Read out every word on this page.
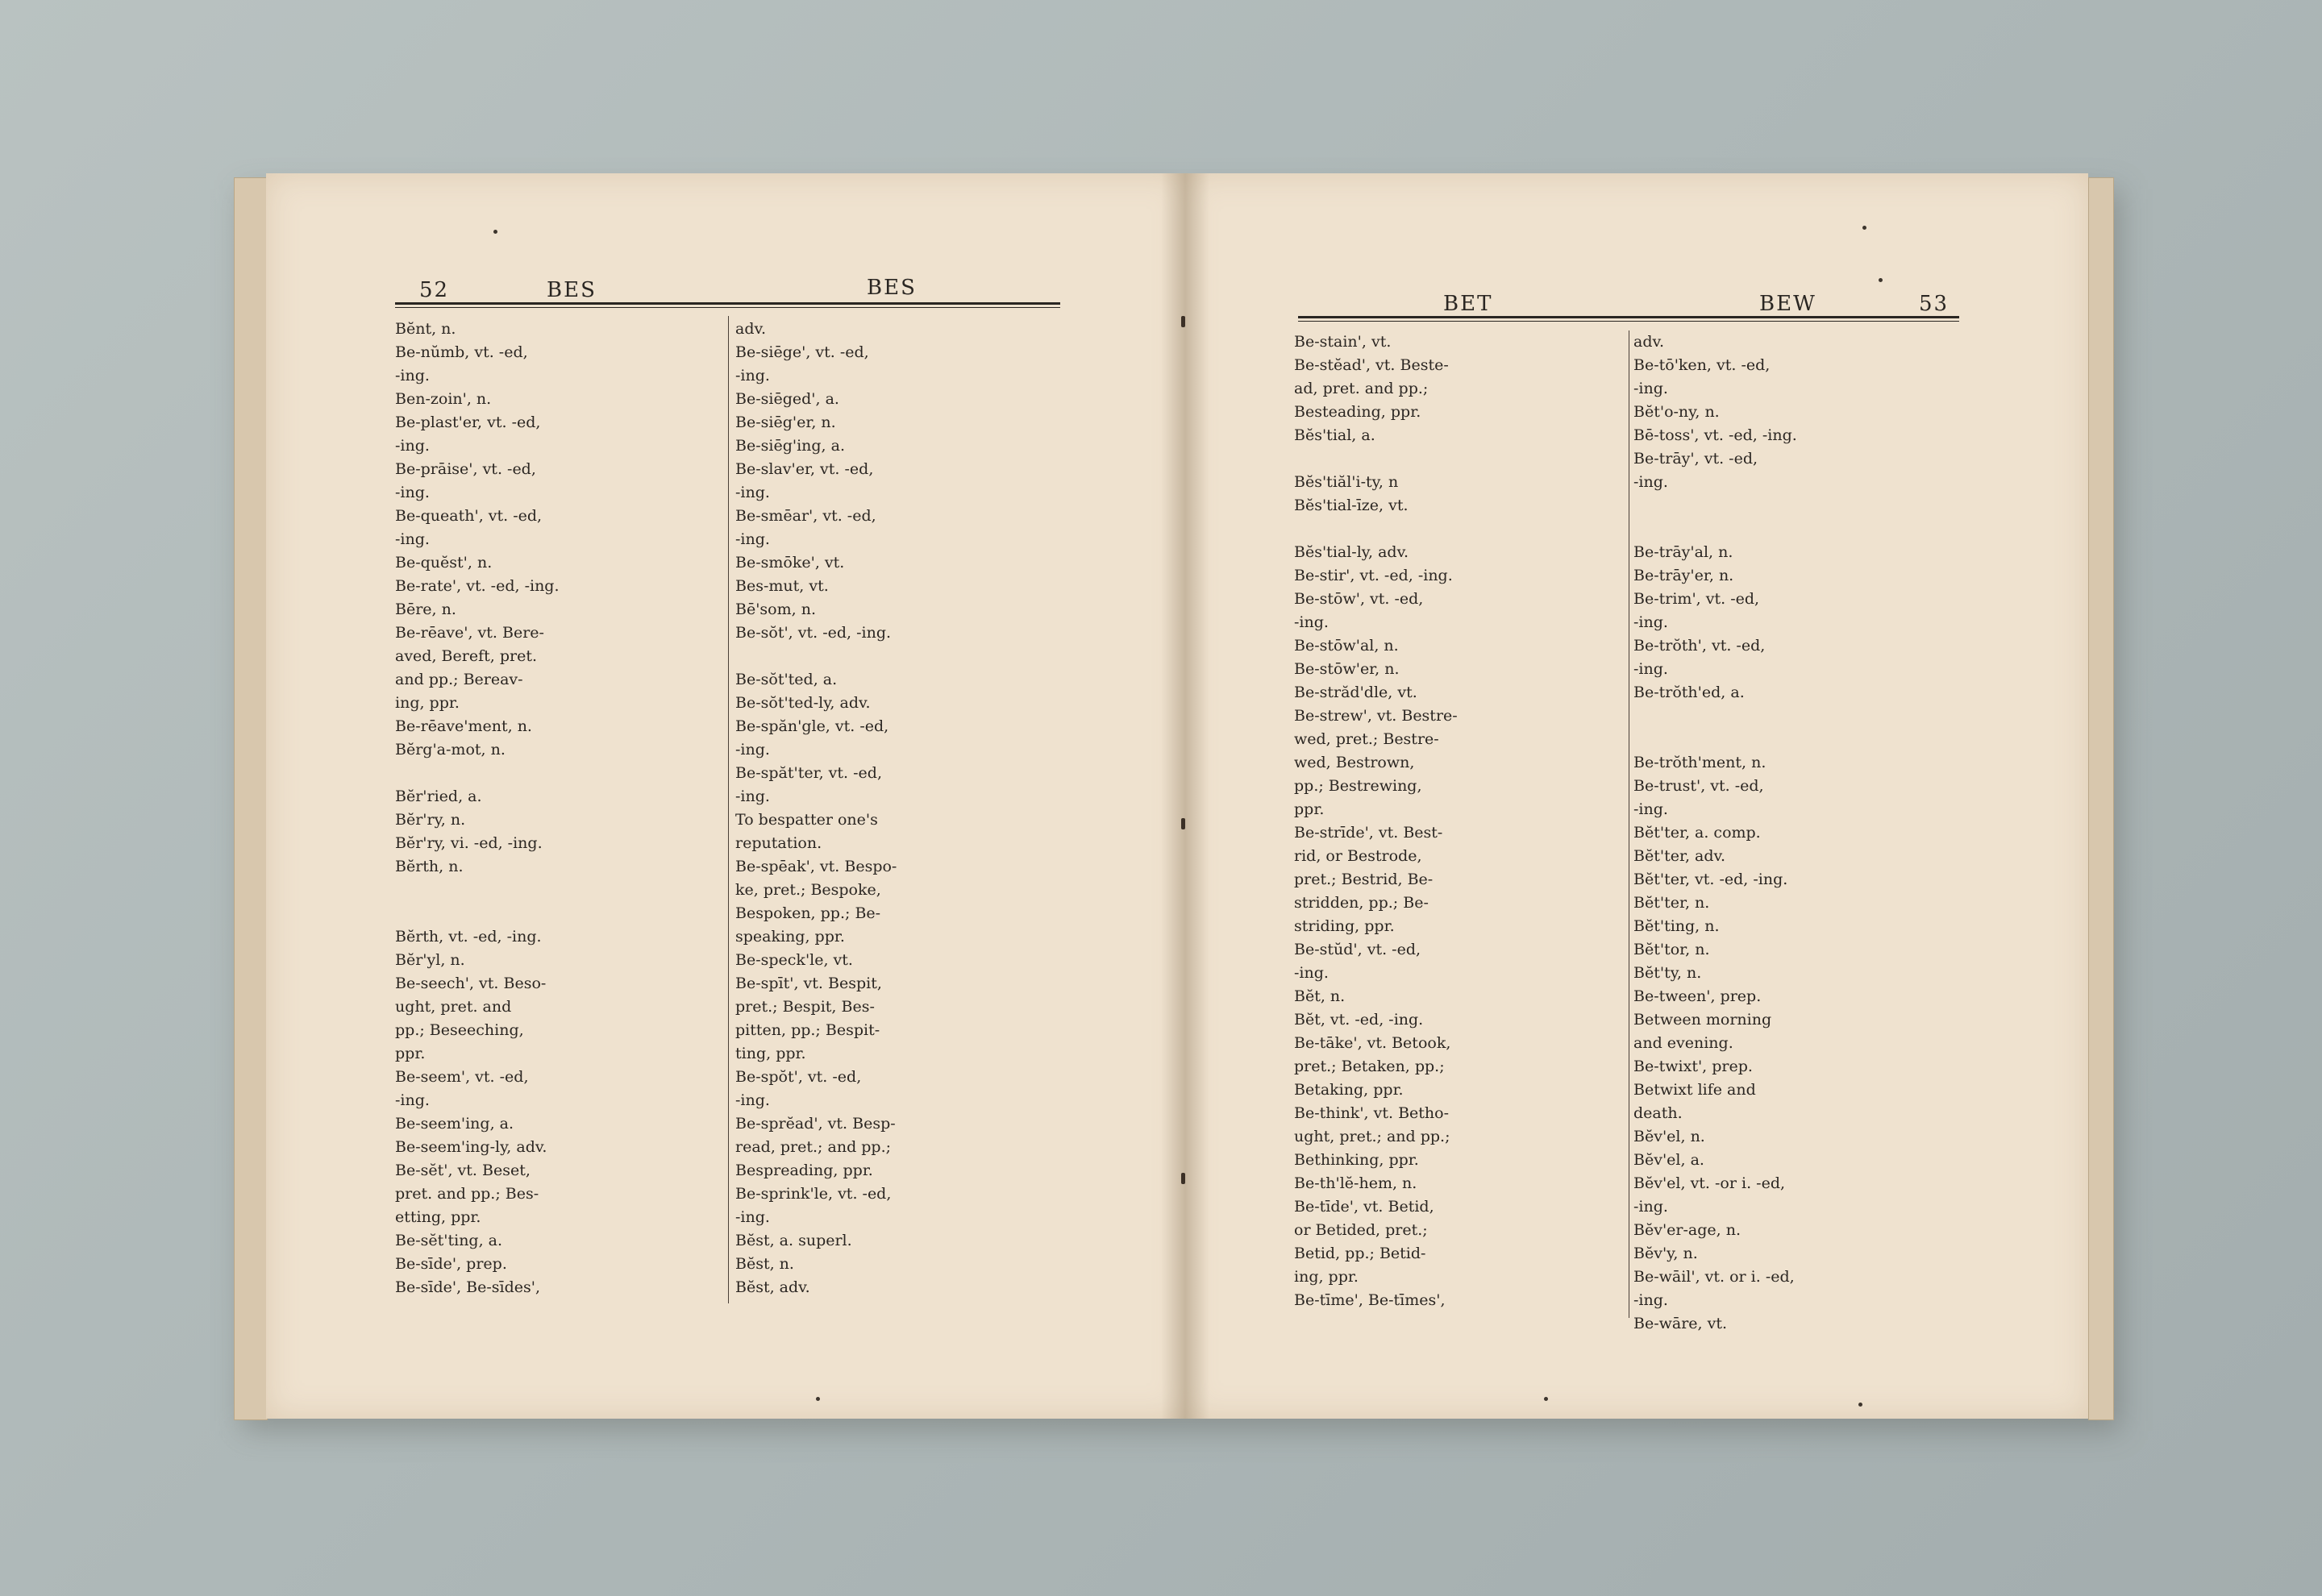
52	BES	BES
BET	BEW	53
Bĕnt, n.
Be-nŭmb, vt. -ed,
-ing.
Ben-zoin', n.
Be-plast'er, vt. -ed,
-ing.
Be-prāise', vt. -ed,
-ing.
Be-queath', vt. -ed,
-ing.
Be-quĕst', n.
Be-rate', vt. -ed, -ing.
Bēre, n.
Be-rēave', vt. Bere-
aved, Bereft, pret.
and pp.; Bereav-
ing, ppr.
Be-rēave'ment, n.
Bĕrg'a-mot, n.
Bĕr'ried, a.
Bĕr'ry, n.
Bĕr'ry, vi. -ed, -ing.
Bĕrth, n.
Bĕrth, vt. -ed, -ing.
Bĕr'yl, n.
Be-seech', vt. Beso-
ught, pret. and
pp.; Beseeching,
ppr.
Be-seem', vt. -ed,
-ing.
Be-seem'ing, a.
Be-seem'ing-ly, adv.
Be-sĕt', vt. Beset,
pret. and pp.; Bes-
etting, ppr.
Be-sĕt'ting, a.
Be-sīde', prep.
Be-sīde', Be-sīdes',
adv.
Be-siēge', vt. -ed,
-ing.
Be-siēged', a.
Be-siēg'er, n.
Be-siēg'ing, a.
Be-slav'er, vt. -ed,
-ing.
Be-smēar', vt. -ed,
-ing.
Be-smōke', vt.
Bes-mut, vt.
Bē'som, n.
Be-sŏt', vt. -ed, -ing.
Be-sŏt'ted, a.
Be-sŏt'ted-ly, adv.
Be-spăn'gle, vt. -ed,
-ing.
Be-spăt'ter, vt. -ed,
-ing.
To bespatter one's
reputation.
Be-spēak', vt. Bespo-
ke, pret.; Bespoke,
Bespoken, pp.; Be-
speaking, ppr.
Be-speck'le, vt.
Be-spīt', vt. Bespit,
pret.; Bespit, Bes-
pitten, pp.; Bespit-
ting, ppr.
Be-spŏt', vt. -ed,
-ing.
Be-sprĕad', vt. Besp-
read, pret.; and pp.;
Bespreading, ppr.
Be-sprink'le, vt. -ed,
-ing.
Bĕst, a. superl.
Bĕst, n.
Bĕst, adv.
Be-stain', vt.
Be-stĕad', vt. Beste-
ad, pret. and pp.;
Besteading, ppr.
Bĕs'tial, a.
Bĕs'tiăl'i-ty, n
Bĕs'tial-īze, vt.
Bĕs'tial-ly, adv.
Be-stir', vt. -ed, -ing.
Be-stōw', vt. -ed,
-ing.
Be-stōw'al, n.
Be-stōw'er, n.
Be-străd'dle, vt.
Be-strew', vt. Bestre-
wed, pret.; Bestre-
wed, Bestrown,
pp.; Bestrewing,
ppr.
Be-strīde', vt. Best-
rid, or Bestrode,
pret.; Bestrid, Be-
stridden, pp.; Be-
striding, ppr.
Be-stŭd', vt. -ed,
-ing.
Bĕt, n.
Bĕt, vt. -ed, -ing.
Be-tāke', vt. Betook,
pret.; Betaken, pp.;
Betaking, ppr.
Be-think', vt. Betho-
ught, pret.; and pp.;
Bethinking, ppr.
Be-th'lĕ-hem, n.
Be-tīde', vt. Betid,
or Betided, pret.;
Betid, pp.; Betid-
ing, ppr.
Be-tīme', Be-tīmes',
adv.
Be-tō'ken, vt. -ed,
-ing.
Bĕt'o-ny, n.
Bē-toss', vt. -ed, -ing.
Be-trāy', vt. -ed,
-ing.
Be-trāy'al, n.
Be-trāy'er, n.
Be-trim', vt. -ed,
-ing.
Be-trŏth', vt. -ed,
-ing.
Be-trŏth'ed, a.
Be-trŏth'ment, n.
Be-trust', vt. -ed,
-ing.
Bĕt'ter, a. comp.
Bĕt'ter, adv.
Bĕt'ter, vt. -ed, -ing.
Bĕt'ter, n.
Bĕt'ting, n.
Bĕt'tor, n.
Bĕt'ty, n.
Be-tween', prep.
Between morning
and evening.
Be-twixt', prep.
Betwixt life and
death.
Bĕv'el, n.
Bĕv'el, a.
Bĕv'el, vt. -or i. -ed,
-ing.
Bĕv'er-age, n.
Bĕv'y, n.
Be-wāil', vt. or i. -ed,
-ing.
Be-wāre, vt.
